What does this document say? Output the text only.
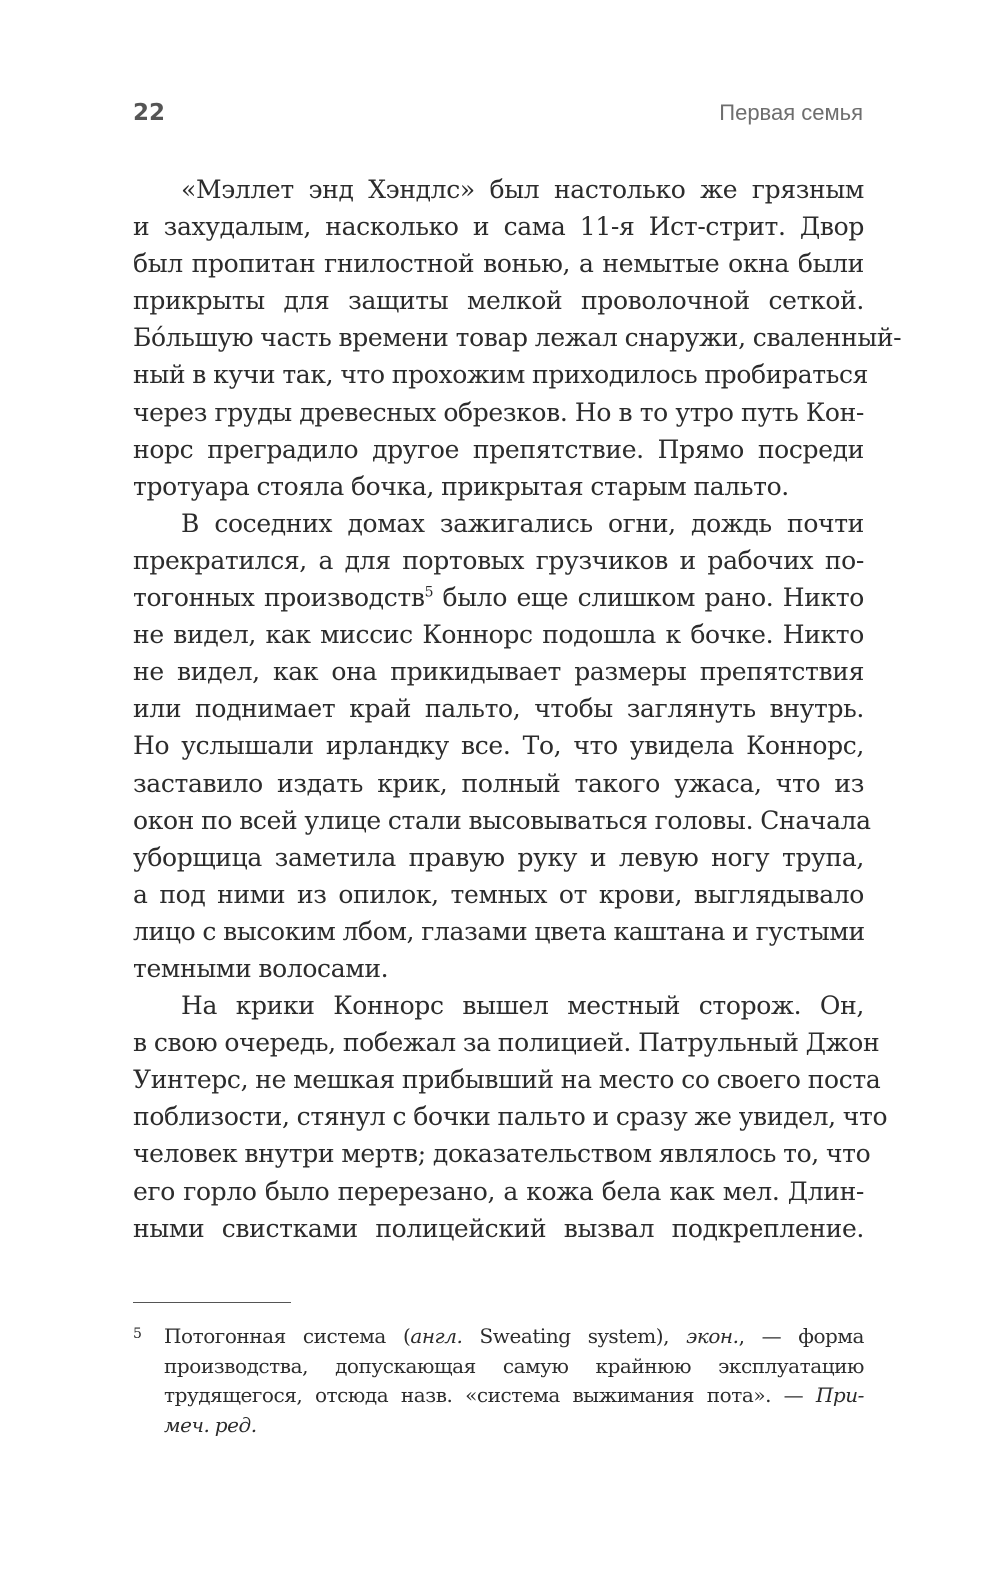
22	Первая семья

«Мэллет энд Хэндлс» был настолько же грязным
и захудалым, насколько и сама 11-я Ист-стрит. Двор
был пропитан гнилостной вонью, а немытые окна были
прикрыты для защиты мелкой проволочной сеткой.
Бóльшую часть времени товар лежал снаружи, сваленный-
ный в кучи так, что прохожим приходилось пробираться
через груды древесных обрезков. Но в то утро путь Кон-
норс преградило другое препятствие. Прямо посреди
тротуара стояла бочка, прикрытая старым пальто.

В соседних домах зажигались огни, дождь почти
прекратился, а для портовых грузчиков и рабочих по-
тогонных производств$^5$ было еще слишком рано. Никто
не видел, как миссис Коннорс подошла к бочке. Никто
не видел, как она прикидывает размеры препятствия
или поднимает край пальто, чтобы заглянуть внутрь.
Но услышали ирландку все. То, что увидела Коннорс,
заставило издать крик, полный такого ужаса, что из
окон по всей улице стали высовываться головы. Сначала
уборщица заметила правую руку и левую ногу трупа,
а под ними из опилок, темных от крови, выглядывало
лицо с высоким лбом, глазами цвета каштана и густыми
темными волосами.

На крики Коннорс вышел местный сторож. Он,
в свою очередь, побежал за полицией. Патрульный Джон
Уинтерс, не мешкая прибывший на место со своего поста
поблизости, стянул с бочки пальто и сразу же увидел, что
человек внутри мертв; доказательством являлось то, что
его горло было перерезано, а кожа бела как мел. Длин-
ными свистками полицейский вызвал подкрепление.

5 Потогонная система (англ. Sweating system), экон., — форма
производства, допускающая самую крайнюю эксплуатацию
трудящегося, отсюда назв. «система выжимания пота». — При-
меч. ред.
